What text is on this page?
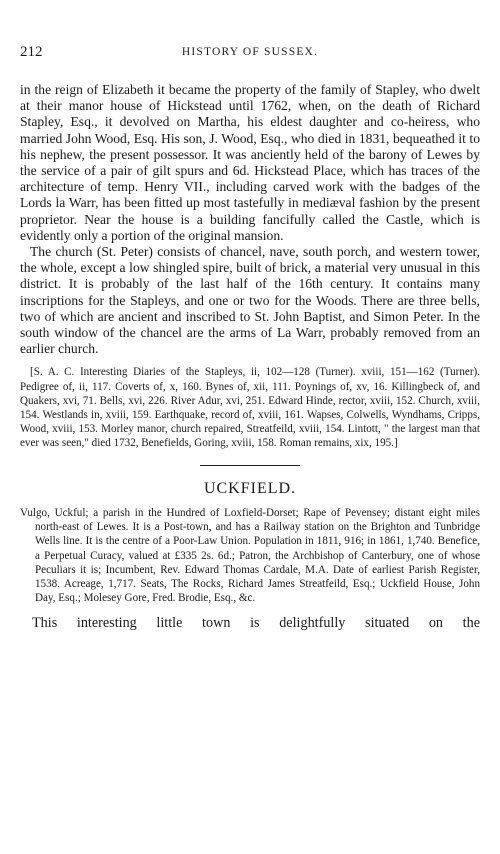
212	HISTORY OF SUSSEX.

in the reign of Elizabeth it became the property of the family of Stapley, who dwelt at their manor house of Hickstead until 1762, when, on the death of Richard Stapley, Esq., it devolved on Martha, his eldest daughter and co-heiress, who married John Wood, Esq. His son, J. Wood, Esq., who died in 1831, bequeathed it to his nephew, the present possessor. It was anciently held of the barony of Lewes by the service of a pair of gilt spurs and 6d. Hickstead Place, which has traces of the architecture of temp. Henry VII., including carved work with the badges of the Lords la Warr, has been fitted up most tastefully in mediæval fashion by the present proprietor. Near the house is a building fancifully called the Castle, which is evidently only a portion of the original mansion.

The church (St. Peter) consists of chancel, nave, south porch, and western tower, the whole, except a low shingled spire, built of brick, a material very unusual in this district. It is probably of the last half of the 16th century. It contains many inscriptions for the Stapleys, and one or two for the Woods. There are three bells, two of which are ancient and inscribed to St. John Baptist, and Simon Peter. In the south window of the chancel are the arms of La Warr, probably removed from an earlier church.

[S. A. C. Interesting Diaries of the Stapleys, ii, 102—128 (Turner). xviii, 151—162 (Turner). Pedigree of, ii, 117. Coverts of, x, 160. Bynes of, xii, 111. Poynings of, xv, 16. Killingbeck of, and Quakers, xvi, 71. Bells, xvi, 226. River Adur, xvi, 251. Edward Hinde, rector, xviii, 152. Church, xviii, 154. Westlands in, xviii, 159. Earthquake, record of, xviii, 161. Wapses, Colwells, Wyndhams, Cripps, Wood, xviii, 153. Morley manor, church repaired, Streatfeild, xviii, 154. Lintott, " the largest man that ever was seen," died 1732, Benefields, Goring, xviii, 158. Roman remains, xix, 195.]

UCKFIELD.

Vulgo, Uckful; a parish in the Hundred of Loxfield-Dorset; Rape of Pevensey; distant eight miles north-east of Lewes. It is a Post-town, and has a Railway station on the Brighton and Tunbridge Wells line. It is the centre of a Poor-Law Union. Population in 1811, 916; in 1861, 1,740. Benefice, a Perpetual Curacy, valued at £335 2s. 6d.; Patron, the Archbishop of Canterbury, one of whose Peculiars it is; Incumbent, Rev. Edward Thomas Cardale, M.A. Date of earliest Parish Register, 1538. Acreage, 1,717. Seats, The Rocks, Richard James Streatfeild, Esq.; Uckfield House, John Day, Esq.; Molesey Gore, Fred. Brodie, Esq., &c.

This interesting little town is delightfully situated on the
